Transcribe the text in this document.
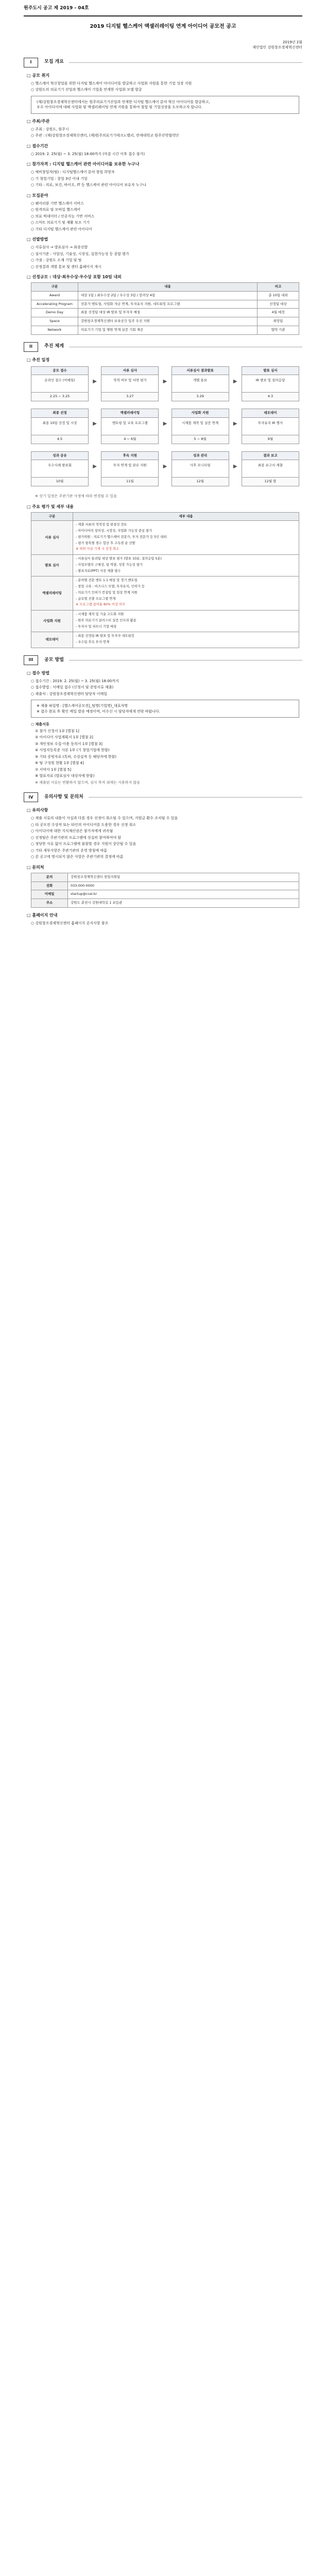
원주도시 공고 제 2019 - 04호
2019 디지털 헬스케어 액셀러레이팅 연계 아이디어 공모전 공고
2019년 2월
재단법인 강원창조경제혁신센터
I	모집 개요
□ 공모 취지
○ 헬스케어 혁신창업을 위한 디지털 헬스케어 아이디어를 발굴하고 사업화 지원을 통한 기업 성장 지원
○ 강원도의 의료기기 산업과 헬스케어 기업을 연계한 사업화 모델 발굴
(재)강원창조경제혁신센터에서는 원주의료기기산업과 연계한 디지털 헬스케어 분야 혁신 아이디어를 발굴하고,
우수 아이디어에 대해 사업화 및 액셀러레이팅 연계 지원을 통하여 창업 및 기업성장을 도모하고자 합니다.
□ 주최/주관
○ 주최 : 강원도, 원주시
○ 주관 : (재)강원창조경제혁신센터, (재)원주의료기기테크노밸리, 연세대학교 원주산학협력단
□ 접수기간
○ 2019. 2. 25(월) ~ 3. 25(월) 18:00까지 (마감 시간 이후 접수 불가)
□ 참가자격 : 디지털 헬스케어 관련 아이디어를 보유한 누구나
○ 예비창업자(팀) : 디지털헬스케어 분야 창업 희망자
○ 기 창업기업 : 창업 3년 이내 기업
○ 기타 : 의료, 보건, 바이오, IT 등 헬스케어 관련 아이디어 보유자 누구나
□ 모집분야
○ 웨어러블 기반 헬스케어 서비스
○ 원격의료 및 모바일 헬스케어
○ 의료 빅데이터 / 인공지능 기반 서비스
○ 스마트 의료기기 및 재활 보조 기기
○ 기타 디지털 헬스케어 관련 아이디어
□ 선발방법
○ 서류심사 → 발표심사 → 최종선발
○ 심사기준 : 사업성, 기술성, 시장성, 실현가능성 등 종합 평가
○ 가점 : 강원도 소재 기업 및 팀
○ 선정결과 개별 통보 및 센터 홈페이지 게시
□ 선정규모 : 대상·최우수상·우수상 포함 10팀 내외
구분	내용	비고
Award	대상 1팀 / 최우수상 2팀 / 우수상 3팀 / 장려상 4팀	총 10팀 내외
Accelerating Program	전문가 멘토링, 사업화 자금 연계, 투자유치 지원, 네트워킹 프로그램	선정팀 대상
Demo Day	최종 선정팀 대상 IR 발표 및 투자자 매칭	4월 예정
Space	강원창조경제혁신센터 보육공간 입주 우선 지원	희망팀
Network	의료기기 기업 및 병원 연계 실증 기회 제공	협약 기관
II	추진 체계
□ 추진 일정
공모 접수
온라인 접수 (이메일)
2.25 ~ 3.25
▶
서류 심사
적격 여부 및 서면 평가
3.27
▶
서류심사 결과발표
개별 통보
3.29
▶
발표 심사
IR 발표 및 질의응답
4.3
최종 선정
최종 10팀 선정 및 시상
4.5
▶
액셀러레이팅
멘토링 및 교육 프로그램
4 ~ 6월
▶
사업화 지원
시제품 제작 및 실증 연계
5 ~ 8월
▶
데모데이
투자유치 IR 행사
9월
성과 공유
우수사례 발표회
10월
▶
후속 지원
투자 연계 및 판로 지원
11월
▶
성과 관리
사후 모니터링
12월
▶
결과 보고
최종 보고서 제출
12월 말
※ 상기 일정은 주관기관 사정에 따라 변경될 수 있음
□ 주요 평가 및 세부 내용
구분	세부 내용
서류 심사	- 제출 서류의 적격성 및 완결성 검토
- 아이디어의 창의성, 시장성, 사업화 가능성 중심 평가
- 평가위원 : 의료기기·헬스케어 전문가, 투자 전문가 등 5인 내외
- 평가 항목별 점수 합산 후 고득점 순 선발
※ 허위 사실 기재 시 선정 취소

발표 심사	- 서류심사 통과팀 대상 발표 평가 (발표 10분, 질의응답 5분)
- 사업모델의 구체성, 팀 역량, 성장 가능성 평가
- 발표자료(PPT) 사전 제출 필수

액셀러레이팅	- 분야별 전문 멘토 1:1 매칭 및 정기 멘토링
- 창업 교육 : 비즈니스 모델, 투자유치, 인허가 등
- 의료기기 인허가 컨설팅 및 임상 연계 지원
- 글로벌 진출 프로그램 연계
※ 프로그램 참여율 80% 이상 의무

사업화 지원	- 시제품 제작 및 기술 고도화 지원
- 원주 의료기기 클러스터 실증 인프라 활용
- 투자사 및 파트너 기업 매칭

데모데이	- 최종 선정팀 IR 발표 및 투자자 네트워킹
- 우수팀 후속 투자 연계
III	공모 방법
□ 접수 방법
○ 접수기간 : 2019. 2. 25(월) ~ 3. 25(월) 18:00까지
○ 접수방법 : 이메일 접수 (신청서 및 증빙서류 제출)
○ 제출처 : 강원창조경제혁신센터 담당자 이메일
※ 제출 파일명 : [헬스케어공모전]_팀명(기업명)_대표자명
※ 접수 완료 후 확인 메일 발송 예정이며, 미수신 시 담당자에게 연락 바랍니다.
○ 제출서류
① 참가 신청서 1부 [별첨 1]
② 아이디어 사업계획서 1부 [별첨 2]
③ 개인정보 수집·이용 동의서 1부 [별첨 3]
④ 사업자등록증 사본 1부 (기 창업기업에 한함)
⑤ 기타 증빙자료 (특허, 수상실적 등 해당자에 한함)
⑥ 팀 구성원 현황 1부 [별첨 4]
⑦ 서약서 1부 [별첨 5]
⑧ 발표자료 (발표심사 대상자에 한함)
※ 제출된 서류는 반환하지 않으며, 심사 목적 외에는 사용하지 않음
IV	유의사항 및 문의처
□ 유의사항
○ 제출 서류의 내용이 사실과 다를 경우 선정이 취소될 수 있으며, 지원금 환수 조치될 수 있음
○ 타 공모전 수상작 또는 타인의 아이디어를 도용한 경우 선정 취소
○ 아이디어에 대한 지식재산권은 참가자에게 귀속됨
○ 선정팀은 주관기관의 프로그램에 성실히 참여하여야 함
○ 정당한 사유 없이 프로그램에 불참할 경우 지원이 중단될 수 있음
○ 기타 세부사항은 주관기관의 운영 방침에 따름
○ 본 공고에 명시되지 않은 사항은 주관기관의 결정에 따름
□ 문의처
문의	강원창조경제혁신센터 창업지원팀
전화	033-000-0000
이메일	startup@ccei.kr
주소	강원도 춘천시 강원대학길 1 보듬관
□ 홈페이지 안내
○ 강원창조경제혁신센터 홈페이지 공지사항 참조
